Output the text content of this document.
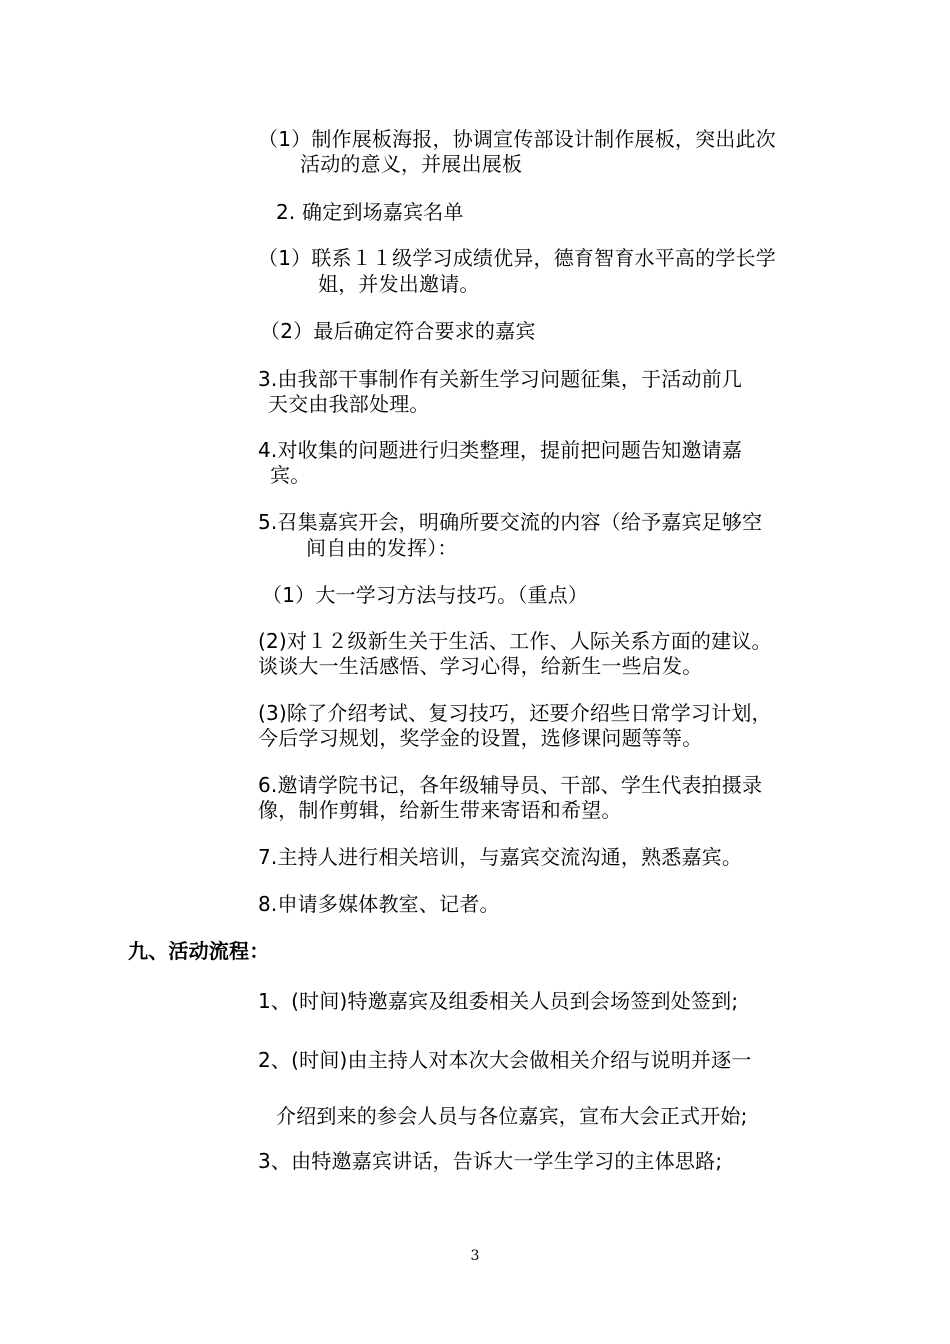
（1）制作展板海报，协调宣传部设计制作展板，突出此次
活动的意义，并展出展板
2. 确定到场嘉宾名单
（1）联系１１级学习成绩优异，德育智育水平高的学长学
姐，并发出邀请。
（2）最后确定符合要求的嘉宾
3.由我部干事制作有关新生学习问题征集，于活动前几
天交由我部处理。
4.对收集的问题进行归类整理，提前把问题告知邀请嘉
宾。
5.召集嘉宾开会，明确所要交流的内容（给予嘉宾足够空
间自由的发挥）：
（1）大一学习方法与技巧。（重点）
(2)对１２级新生关于生活、工作、人际关系方面的建议。
谈谈大一生活感悟、学习心得，给新生一些启发。
(3)除了介绍考试、复习技巧，还要介绍些日常学习计划，
今后学习规划，奖学金的设置，选修课问题等等。
6.邀请学院书记，各年级辅导员、干部、学生代表拍摄录
像，制作剪辑，给新生带来寄语和希望。
7.主持人进行相关培训，与嘉宾交流沟通，熟悉嘉宾。
8.申请多媒体教室、记者。
九、活动流程：
1、(时间)特邀嘉宾及组委相关人员到会场签到处签到;
2、(时间)由主持人对本次大会做相关介绍与说明并逐一
介绍到来的参会人员与各位嘉宾，宣布大会正式开始;
3、由特邀嘉宾讲话，告诉大一学生学习的主体思路;
3
